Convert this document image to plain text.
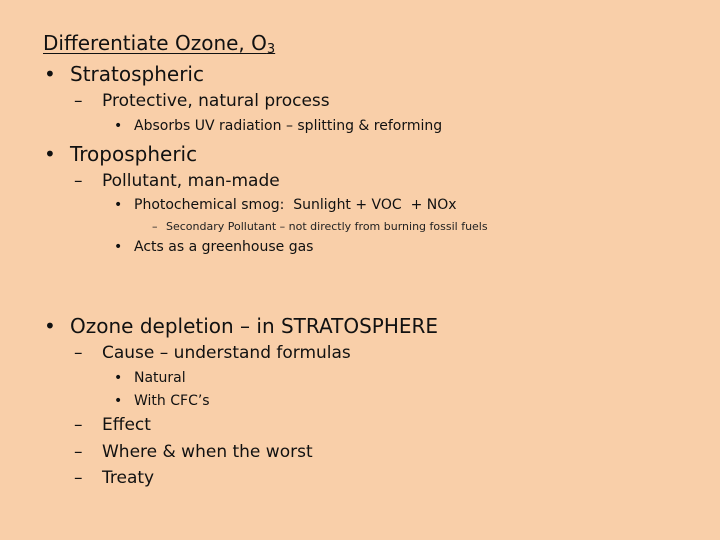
Differentiate Ozone, $O_3$
• Stratospheric
– Protective, natural process
• Absorbs UV radiation – splitting & reforming
• Tropospheric
– Pollutant, man-made
• Photochemical smog:  Sunlight + VOC  + NOx
– Secondary Pollutant – not directly from burning fossil fuels
• Acts as a greenhouse gas
• Ozone depletion – in STRATOSPHERE
– Cause – understand formulas
• Natural
• With CFC’s
– Effect
– Where & when the worst
– Treaty
